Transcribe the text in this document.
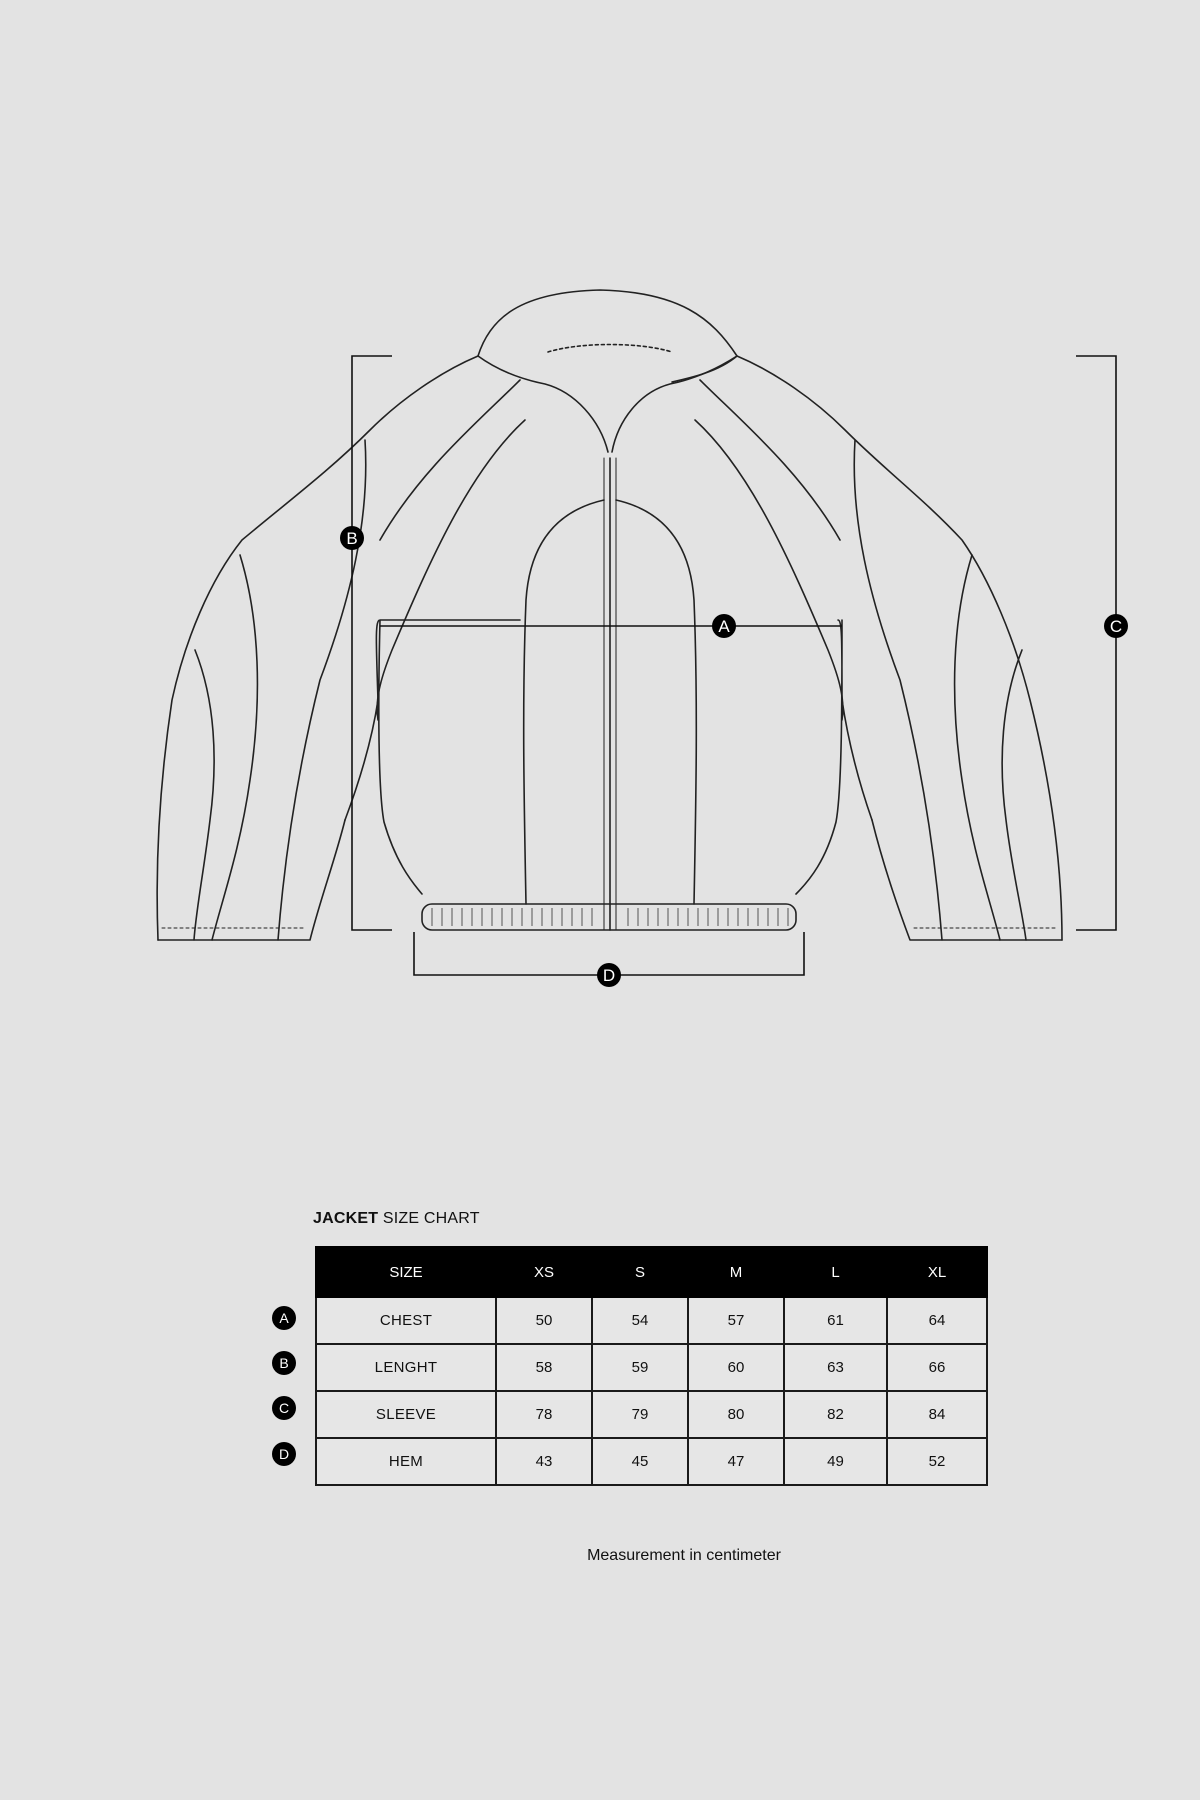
A
B
C
D
JACKET SIZE CHART
SIZE	XS	S	M	L	XL
CHEST	50	54	57	61	64
LENGHT	58	59	60	63	66
SLEEVE	78	79	80	82	84
HEM	43	45	47	49	52
A
B
C
D
Measurement in centimeter
